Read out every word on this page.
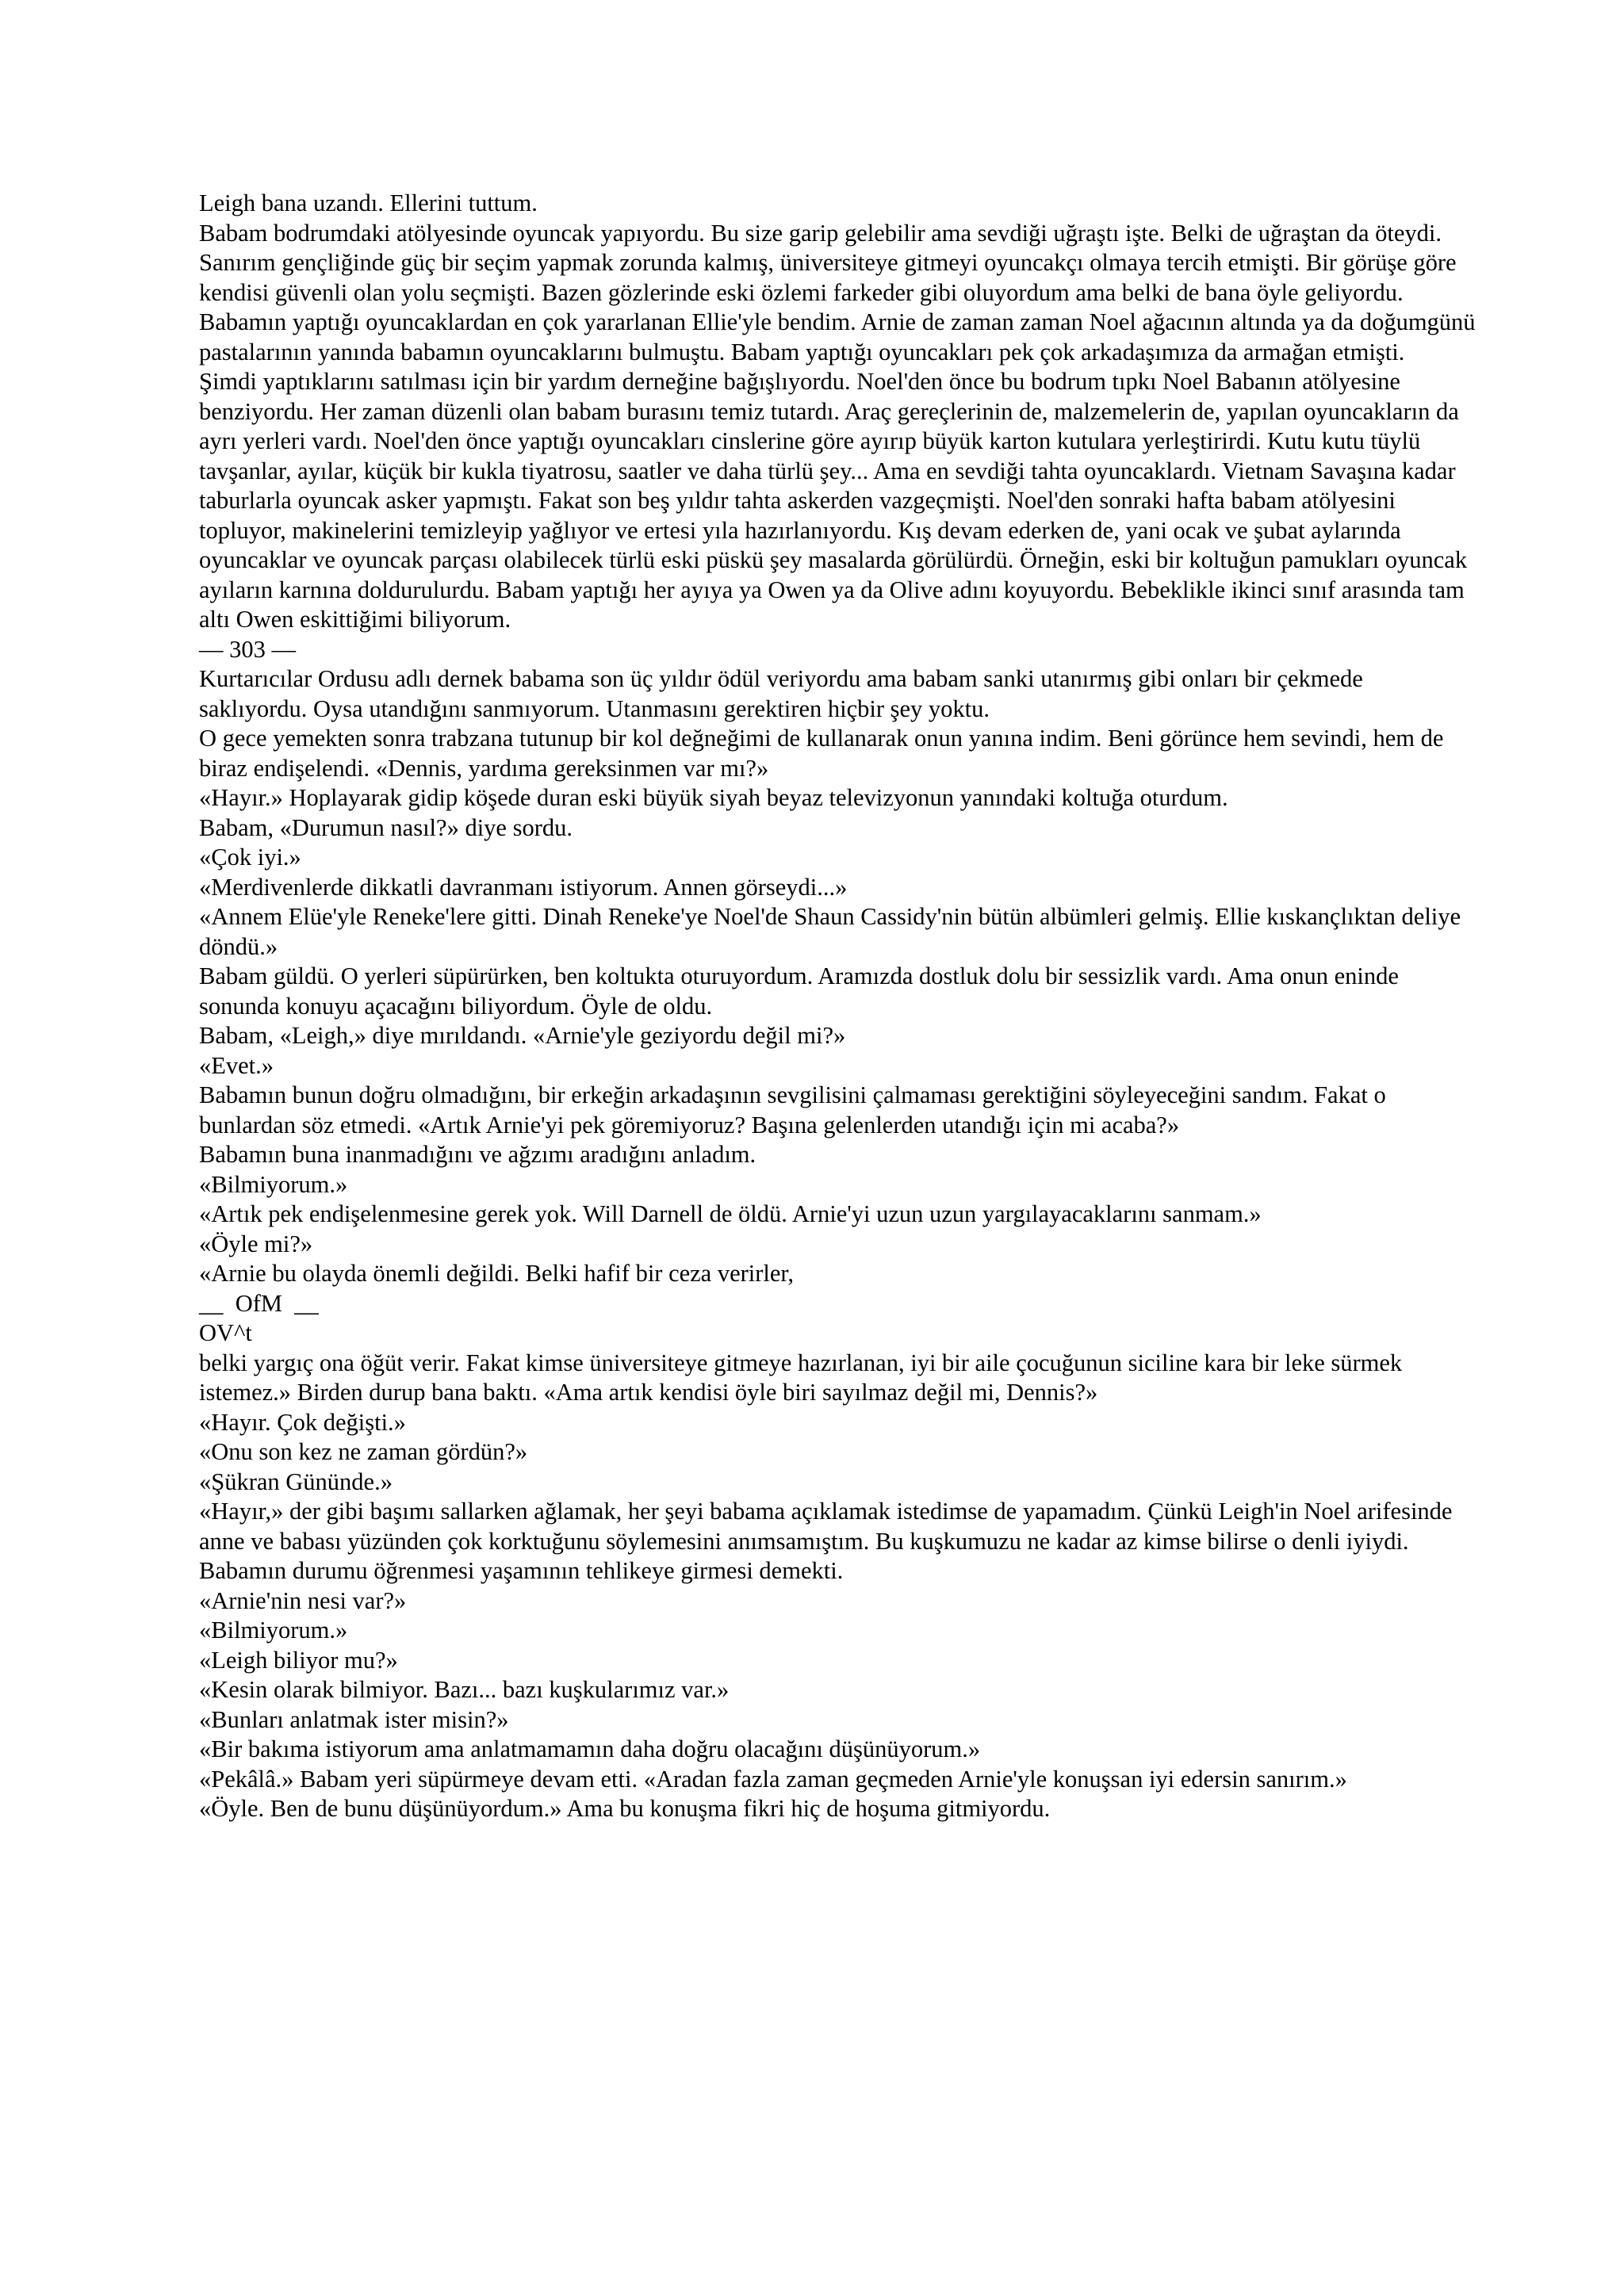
Leigh bana uzandı. Ellerini tuttum.

Babam bodrumdaki atölyesinde oyuncak yapıyordu. Bu size garip gelebilir ama sevdiği uğraştı işte. Belki de uğraştan da öteydi. Sanırım gençliğinde güç bir seçim yapmak zorunda kalmış, üniversiteye gitmeyi oyuncakçı olmaya tercih etmişti. Bir görüşe göre kendisi güvenli olan yolu seçmişti. Bazen gözlerinde eski özlemi farkeder gibi oluyordum ama belki de bana öyle geliyordu.

Babamın yaptığı oyuncaklardan en çok yararlanan Ellie'yle bendim. Arnie de zaman zaman Noel ağacının altında ya da doğumgünü pastalarının yanında babamın oyuncaklarını bulmuştu. Babam yaptığı oyuncakları pek çok arkadaşımıza da armağan etmişti.

Şimdi yaptıklarını satılması için bir yardım derneğine bağışlıyordu. Noel'den önce bu bodrum tıpkı Noel Babanın atölyesine benziyordu. Her zaman düzenli olan babam burasını temiz tutardı. Araç gereçlerinin de, malzemelerin de, yapılan oyuncakların da ayrı yerleri vardı. Noel'den önce yaptığı oyuncakları cinslerine göre ayırıp büyük karton kutulara yerleştirirdi. Kutu kutu tüylü tavşanlar, ayılar, küçük bir kukla tiyatrosu, saatler ve daha türlü şey... Ama en sevdiği tahta oyuncaklardı. Vietnam Savaşına kadar taburlarla oyuncak asker yapmıştı. Fakat son beş yıldır tahta askerden vazgeçmişti. Noel'den sonraki hafta babam atölyesini topluyor, makinelerini temizleyip yağlıyor ve ertesi yıla hazırlanıyordu. Kış devam ederken de, yani ocak ve şubat aylarında oyuncaklar ve oyuncak parçası olabilecek türlü eski püskü şey masalarda görülürdü. Örneğin, eski bir koltuğun pamukları oyuncak ayıların karnına doldurulurdu. Babam yaptığı her ayıya ya Owen ya da Olive adını koyuyordu. Bebeklikle ikinci sınıf arasında tam altı Owen eskittiğimi biliyorum.

— 303 —

Kurtarıcılar Ordusu adlı dernek babama son üç yıldır ödül veriyordu ama babam sanki utanırmış gibi onları bir çekmede saklıyordu. Oysa utandığını sanmıyorum. Utanmasını gerektiren hiçbir şey yoktu.

O gece yemekten sonra trabzana tutunup bir kol değneğimi de kullanarak onun yanına indim. Beni görünce hem sevindi, hem de biraz endişelendi. «Dennis, yardıma gereksinmen var mı?»

«Hayır.» Hoplayarak gidip köşede duran eski büyük siyah beyaz televizyonun yanındaki koltuğa oturdum.

Babam, «Durumun nasıl?» diye sordu.

«Çok iyi.»

«Merdivenlerde dikkatli davranmanı istiyorum. Annen görseydi...»

«Annem Elüe'yle Reneke'lere gitti. Dinah Reneke'ye Noel'de Shaun Cassidy'nin bütün albümleri gelmiş. Ellie kıskançlıktan deliye döndü.»

Babam güldü. O yerleri süpürürken, ben koltukta oturuyordum. Aramızda dostluk dolu bir sessizlik vardı. Ama onun eninde sonunda konuyu açacağını biliyordum. Öyle de oldu.

Babam, «Leigh,» diye mırıldandı. «Arnie'yle geziyordu değil mi?»

«Evet.»

Babamın bunun doğru olmadığını, bir erkeğin arkadaşının sevgilisini çalmaması gerektiğini söyleyeceğini sandım. Fakat o bunlardan söz etmedi. «Artık Arnie'yi pek göremiyoruz? Başına gelenlerden utandığı için mi acaba?»

Babamın buna inanmadığını ve ağzımı aradığını anladım.

«Bilmiyorum.»

«Artık pek endişelenmesine gerek yok. Will Darnell de öldü. Arnie'yi uzun uzun yargılayacaklarını sanmam.»

«Öyle mi?»

«Arnie bu olayda önemli değildi. Belki hafif bir ceza verirler,

__  OfM  __

OV^t

belki yargıç ona öğüt verir. Fakat kimse üniversiteye gitmeye hazırlanan, iyi bir aile çocuğunun siciline kara bir leke sürmek istemez.» Birden durup bana baktı. «Ama artık kendisi öyle biri sayılmaz değil mi, Dennis?»

«Hayır. Çok değişti.»

«Onu son kez ne zaman gördün?»

«Şükran Gününde.»

«Hayır,» der gibi başımı sallarken ağlamak, her şeyi babama açıklamak istedimse de yapamadım. Çünkü Leigh'in Noel arifesinde anne ve babası yüzünden çok korktuğunu söylemesini anımsamıştım. Bu kuşkumuzu ne kadar az kimse bilirse o denli iyiydi. Babamın durumu öğrenmesi yaşamının tehlikeye girmesi demekti.

«Arnie'nin nesi var?»

«Bilmiyorum.»

«Leigh biliyor mu?»

«Kesin olarak bilmiyor. Bazı... bazı kuşkularımız var.»

«Bunları anlatmak ister misin?»

«Bir bakıma istiyorum ama anlatmamamın daha doğru olacağını düşünüyorum.»

«Pekâlâ.» Babam yeri süpürmeye devam etti. «Aradan fazla zaman geçmeden Arnie'yle konuşsan iyi edersin sanırım.»

«Öyle. Ben de bunu düşünüyordum.» Ama bu konuşma fikri hiç de hoşuma gitmiyordu.
